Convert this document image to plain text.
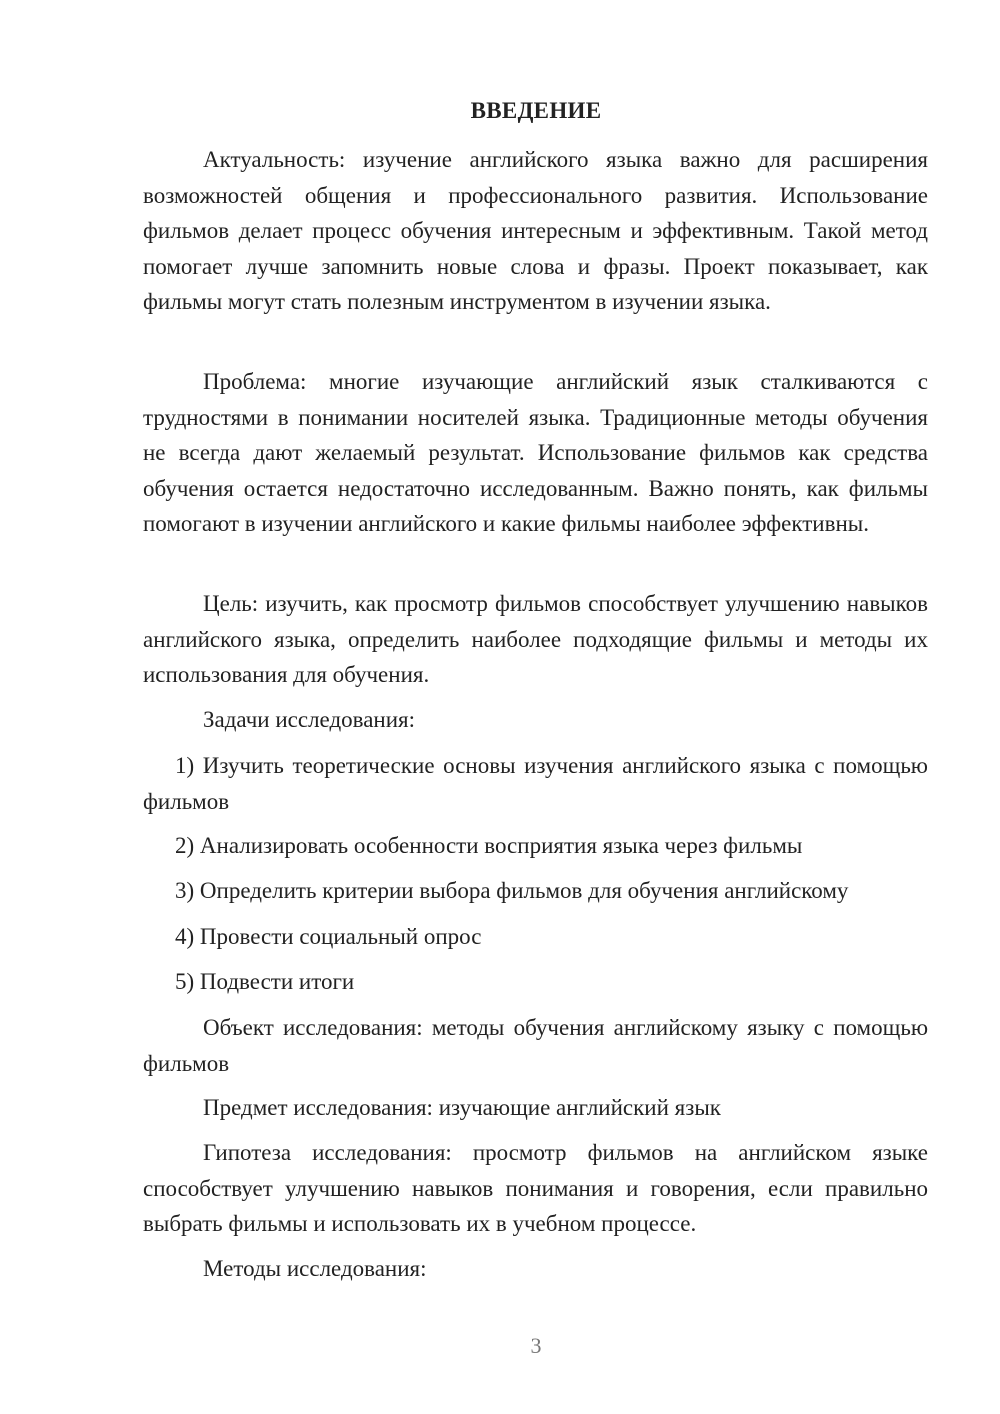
ВВЕДЕНИЕ

Актуальность: изучение английского языка важно для расширения возможностей общения и профессионального развития. Использование фильмов делает процесс обучения интересным и эффективным. Такой метод помогает лучше запомнить новые слова и фразы. Проект показывает, как фильмы могут стать полезным инструментом в изучении языка.

Проблема: многие изучающие английский язык сталкиваются с трудностями в понимании носителей языка. Традиционные методы обучения не всегда дают желаемый результат. Использование фильмов как средства обучения остается недостаточно исследованным. Важно понять, как фильмы помогают в изучении английского и какие фильмы наиболее эффективны.

Цель: изучить, как просмотр фильмов способствует улучшению навыков английского языка, определить наиболее подходящие фильмы и методы их использования для обучения.

Задачи исследования:

1) Изучить теоретические основы изучения английского языка с помощью фильмов

2) Анализировать особенности восприятия языка через фильмы

3) Определить критерии выбора фильмов для обучения английскому

4) Провести социальный опрос

5) Подвести итоги

Объект исследования: методы обучения английскому языку с помощью фильмов

Предмет исследования: изучающие английский язык

Гипотеза исследования: просмотр фильмов на английском языке способствует улучшению навыков понимания и говорения, если правильно выбрать фильмы и использовать их в учебном процессе.

Методы исследования:

3
